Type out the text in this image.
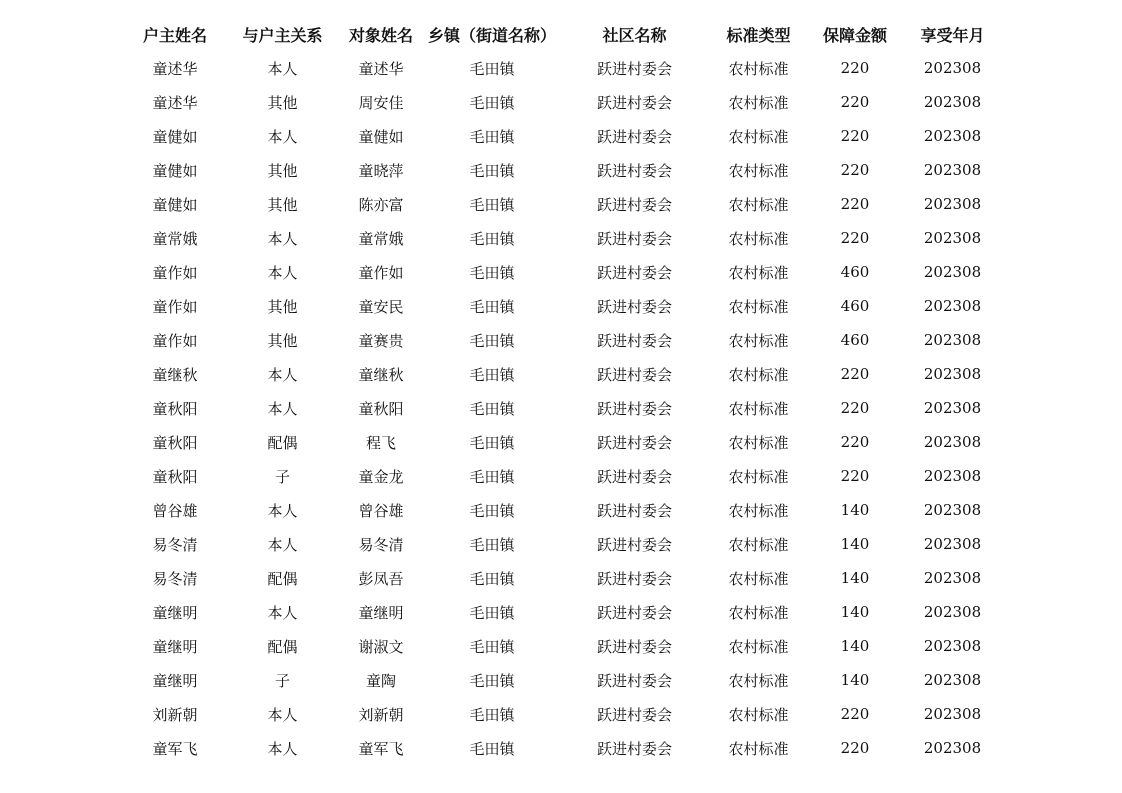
户主姓名	与户主关系	对象姓名	乡镇（街道名称）	社区名称	标准类型	保障金额	享受年月
童述华	本人	童述华	毛田镇	跃进村委会	农村标准	220	202308
童述华	其他	周安佳	毛田镇	跃进村委会	农村标准	220	202308
童健如	本人	童健如	毛田镇	跃进村委会	农村标准	220	202308
童健如	其他	童晓萍	毛田镇	跃进村委会	农村标准	220	202308
童健如	其他	陈亦富	毛田镇	跃进村委会	农村标准	220	202308
童常娥	本人	童常娥	毛田镇	跃进村委会	农村标准	220	202308
童作如	本人	童作如	毛田镇	跃进村委会	农村标准	460	202308
童作如	其他	童安民	毛田镇	跃进村委会	农村标准	460	202308
童作如	其他	童赛贵	毛田镇	跃进村委会	农村标准	460	202308
童继秋	本人	童继秋	毛田镇	跃进村委会	农村标准	220	202308
童秋阳	本人	童秋阳	毛田镇	跃进村委会	农村标准	220	202308
童秋阳	配偶	程飞	毛田镇	跃进村委会	农村标准	220	202308
童秋阳	子	童金龙	毛田镇	跃进村委会	农村标准	220	202308
曾谷雄	本人	曾谷雄	毛田镇	跃进村委会	农村标准	140	202308
易冬清	本人	易冬清	毛田镇	跃进村委会	农村标准	140	202308
易冬清	配偶	彭凤吾	毛田镇	跃进村委会	农村标准	140	202308
童继明	本人	童继明	毛田镇	跃进村委会	农村标准	140	202308
童继明	配偶	谢淑文	毛田镇	跃进村委会	农村标准	140	202308
童继明	子	童陶	毛田镇	跃进村委会	农村标准	140	202308
刘新朝	本人	刘新朝	毛田镇	跃进村委会	农村标准	220	202308
童军飞	本人	童军飞	毛田镇	跃进村委会	农村标准	220	202308
